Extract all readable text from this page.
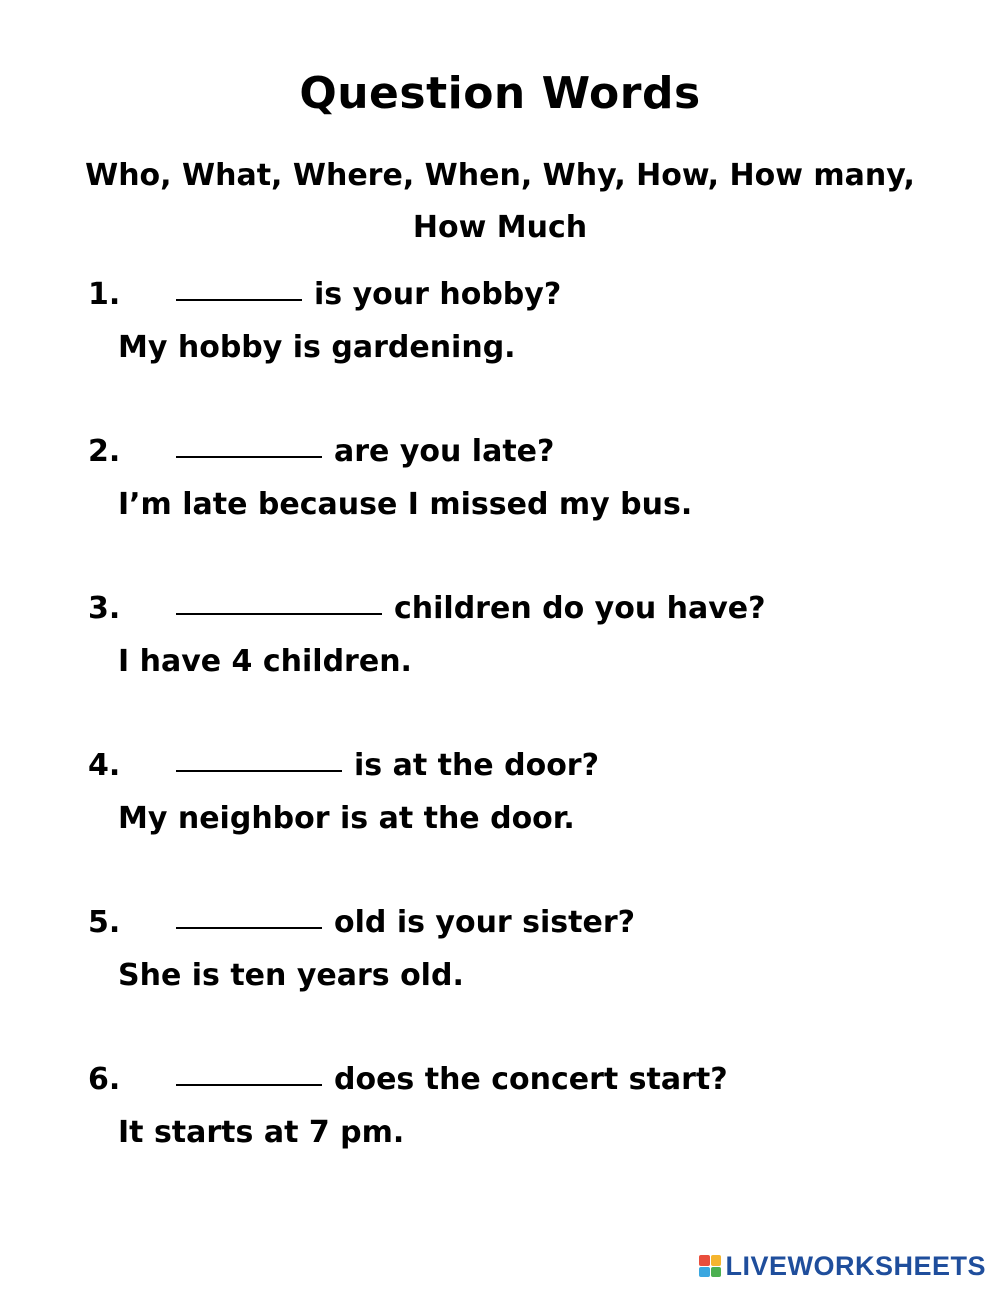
Question Words
Who, What, Where, When, Why, How, How many,
How Much
1.	is your hobby?
My hobby is gardening.
2.	are you late?
I’m late because I missed my bus.
3.	children do you have?
I have 4 children.
4.	is at the door?
My neighbor is at the door.
5.	old is your sister?
She is ten years old.
6.	does the concert start?
It starts at 7 pm.
LIVEWORKSHEETS
